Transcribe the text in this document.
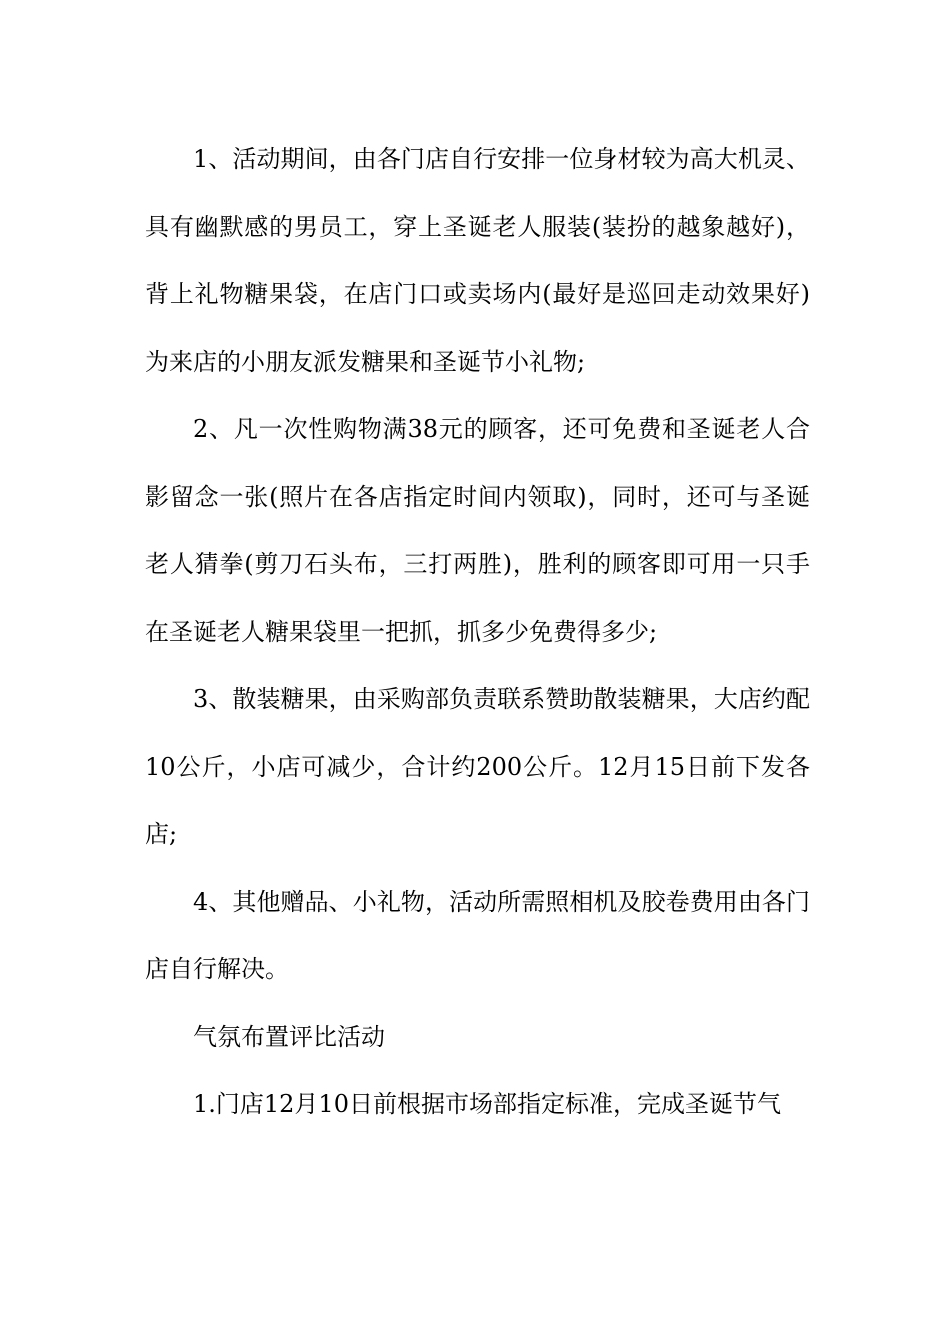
1、活动期间，由各门店自行安排一位身材较为高大机灵、具有幽默感的男员工，穿上圣诞老人服装(装扮的越象越好)，背上礼物糖果袋，在店门口或卖场内(最好是巡回走动效果好)为来店的小朋友派发糖果和圣诞节小礼物;

2、凡一次性购物满38元的顾客，还可免费和圣诞老人合影留念一张(照片在各店指定时间内领取)，同时，还可与圣诞老人猜拳(剪刀石头布，三打两胜)，胜利的顾客即可用一只手在圣诞老人糖果袋里一把抓，抓多少免费得多少;

3、散装糖果，由采购部负责联系赞助散装糖果，大店约配10公斤，小店可减少，合计约200公斤。12月15日前下发各店;

4、其他赠品、小礼物，活动所需照相机及胶卷费用由各门店自行解决。

气氛布置评比活动

1.门店12月10日前根据市场部指定标准，完成圣诞节气
